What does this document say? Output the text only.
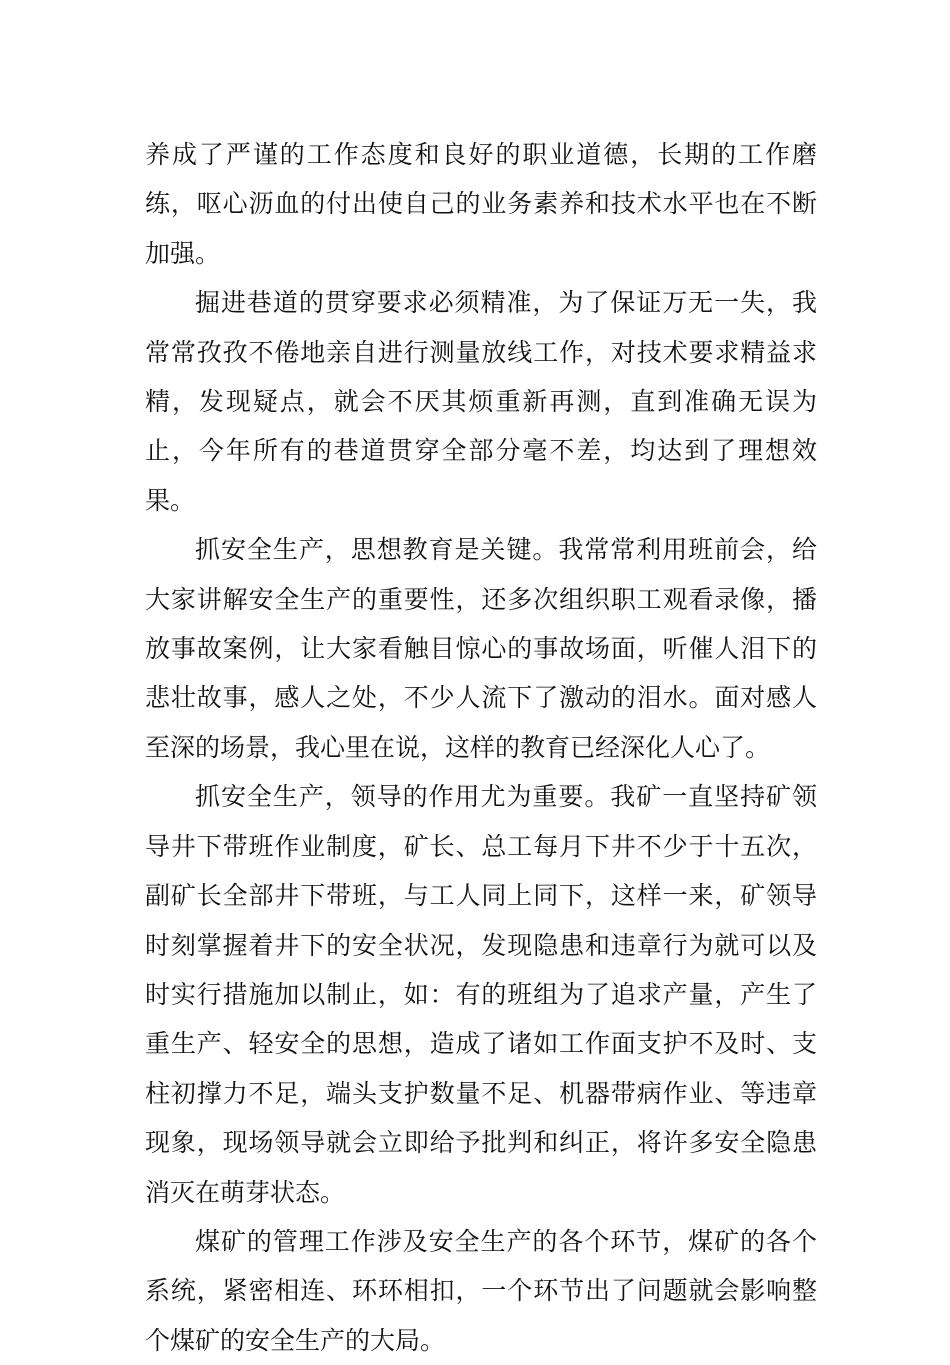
养成了严谨的工作态度和良好的职业道德，长期的工作磨练，呕心沥血的付出使自己的业务素养和技术水平也在不断加强。

掘进巷道的贯穿要求必须精准，为了保证万无一失，我常常孜孜不倦地亲自进行测量放线工作，对技术要求精益求精，发现疑点，就会不厌其烦重新再测，直到准确无误为止，今年所有的巷道贯穿全部分毫不差，均达到了理想效果。

抓安全生产，思想教育是关键。我常常利用班前会，给大家讲解安全生产的重要性，还多次组织职工观看录像，播放事故案例，让大家看触目惊心的事故场面，听催人泪下的悲壮故事，感人之处，不少人流下了激动的泪水。面对感人至深的场景，我心里在说，这样的教育已经深化人心了。

抓安全生产，领导的作用尤为重要。我矿一直坚持矿领导井下带班作业制度，矿长、总工每月下井不少于十五次，副矿长全部井下带班，与工人同上同下，这样一来，矿领导时刻掌握着井下的安全状况，发现隐患和违章行为就可以及时实行措施加以制止，如：有的班组为了追求产量，产生了重生产、轻安全的思想，造成了诸如工作面支护不及时、支柱初撑力不足，端头支护数量不足、机器带病作业、等违章现象，现场领导就会立即给予批判和纠正，将许多安全隐患消灭在萌芽状态。

煤矿的管理工作涉及安全生产的各个环节，煤矿的各个系统，紧密相连、环环相扣，一个环节出了问题就会影响整个煤矿的安全生产的大局。
